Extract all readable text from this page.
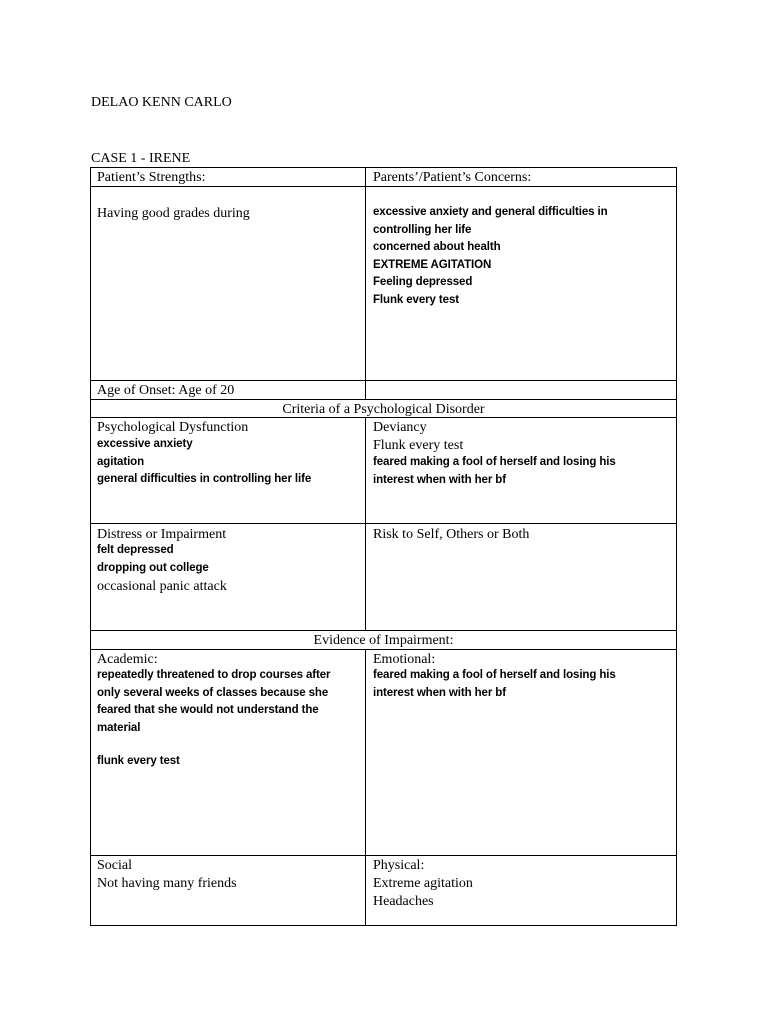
DELAO KENN CARLO
CASE 1 - IRENE
Patient’s Strengths:	Parents’/Patient’s Concerns:
Having good grades during	excessive anxiety and general difficulties in
controlling her life
concerned about health
EXTREME AGITATION
Feeling depressed
Flunk every test
Age of Onset: Age of 20
Criteria of a Psychological Disorder
Psychological Dysfunction
excessive anxiety
agitation
general difficulties in controlling her life
Deviancy
Flunk every test
feared making a fool of herself and losing his
interest when with her bf
Distress or Impairment
felt depressed
dropping out college
occasional panic attack
Risk to Self, Others or Both
Evidence of Impairment:
Academic:
repeatedly threatened to drop courses after
only several weeks of classes because she
feared that she would not understand the
material
flunk every test
Emotional:
feared making a fool of herself and losing his
interest when with her bf
Social
Not having many friends
Physical:
Extreme agitation
Headaches
